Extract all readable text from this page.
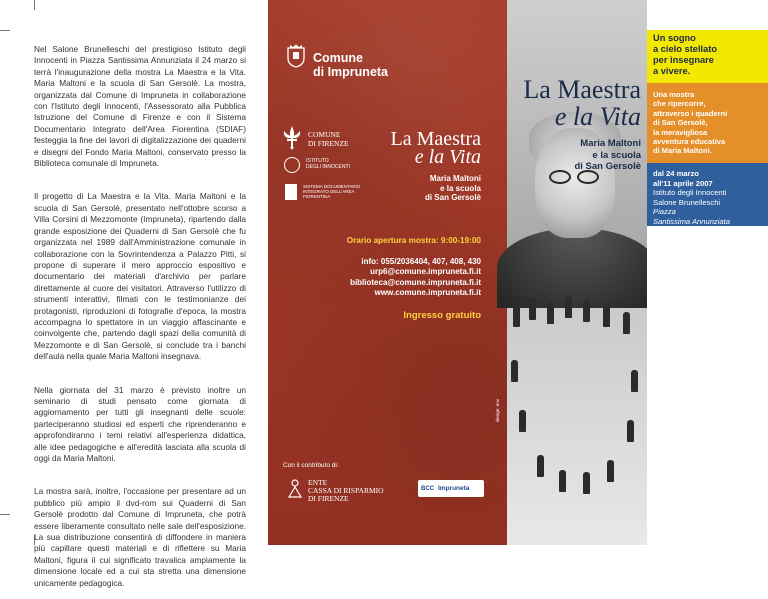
Nel Salone Brunelleschi del prestigioso Istituto degli Innocenti in Piazza Santissima Annunziata il 24 marzo si terrà l'inaugurazione della mostra La Maestra e la Vita. Maria Maltoni e la scuola di San Gersolè. La mostra, organizzata dal Comune di Impruneta in collaborazione con l'Istituto degli Innocenti, l'Assessorato alla Pubblica Istruzione del Comune di Firenze e con il Sistema Documentario Integrato dell'Area Fiorentina (SDIAF) festeggia la fine dei lavori di digitalizzazione dei quaderni e disegni del Fondo Maria Maltoni, conservato presso la Biblioteca comunale di Impruneta.

Il progetto di La Maestra e la Vita. Maria Maltoni e la scuola di San Gersolè, presentato nell'ottobre scorso a Villa Corsini di Mezzomonte (Impruneta), ripartendo dalla grande esposizione dei Quaderni di San Gersolè che fu organizzata nel 1989 dall'Amministrazione comunale in collaborazione con la Sovrintendenza a Palazzo Pitti, si propone di superare il mero approccio espositivo e documentario dei materiali d'archivio per parlare direttamente al cuore dei visitatori. Attraverso l'utilizzo di strumenti interattivi, filmati con le testimonianze dei protagonisti, riproduzioni di fotografie d'epoca, la mostra accompagna lo spettatore in un viaggio affascinante e coinvolgente che, partendo dagli spazi della comunità di Mezzomonte e di San Gersolè, si conclude tra i banchi dell'aula nella quale Maria Maltoni insegnava.

Nella giornata del 31 marzo è previsto inoltre un seminario di studi pensato come giornata di aggiornamento per tutti gli insegnanti delle scuole: parteciperanno studiosi ed esperti che riprenderanno e approfondiranno i temi relativi all'esperienza didattica, alle idee pedagogiche e all'eredità lasciata alla scuola di oggi da Maria Maltoni.

La mostra sarà, inoltre, l'occasione per presentare ad un pubblico più ampio il dvd-rom sui Quaderni di San Gersolè prodotto dal Comune di Impruneta, che potrà essere liberamente consultato nelle sale dell'esposizione. La sua distribuzione consentirà di diffondere in maniera più capillare questi materiali e di riflettere su Maria Maltoni, figura il cui significato travalica ampiamente la dimensione locale ed a cui sta stretta una dimensione unicamente pedagogica.

Comune
di Impruneta
COMUNE
DI FIRENZE
ISTITUTO
DEGLI INNOCENTI
SISTEMA DOCUMENTARIO INTEGRATO DELL'AREA FIORENTINA
La Maestra
e la Vita
Maria Maltoni
e la scuola
di San Gersolè
Orario apertura mostra: 9:00-19:00
info: 055/2036404, 407, 408, 430
urp6@comune.impruneta.fi.it
biblioteca@comune.impruneta.fi.it
www.comune.impruneta.fi.it
Ingresso gratuito
design: noo
Con il contributo di:
ENTE
CASSA DI RISPARMIO
DI FIRENZE
BCC Impruneta
La Maestra
e la Vita
Maria Maltoni
e la scuola
di San Gersolè
Un sogno
a cielo stellato
per insegnare
a vivere.
Una mostra
che ripercorre,
attraverso i quaderni
di San Gersolè,
la meravigliosa
avventura educativa
di Maria Maltoni.
dal 24 marzo
all'11 aprile 2007
Istituto degli Innocenti
Salone Brunelleschi
Piazza
Santissima Annunziata
Firenze
